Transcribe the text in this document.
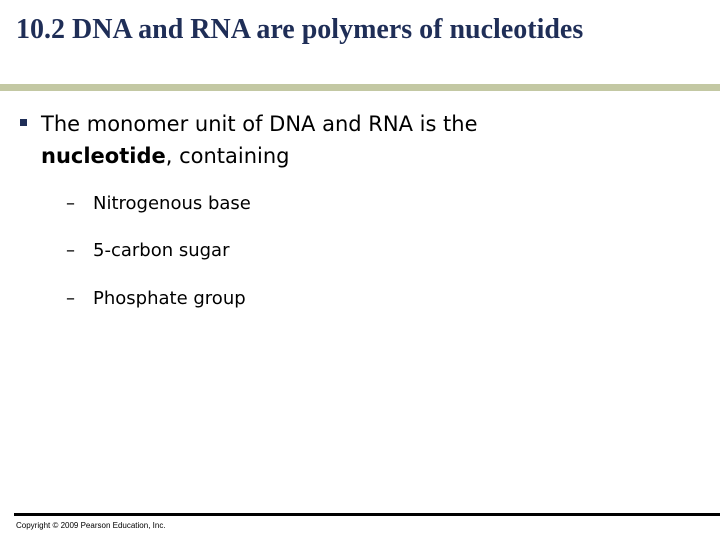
10.2 DNA and RNA are polymers of nucleotides
The monomer unit of DNA and RNA is the
nucleotide, containing
– Nitrogenous base
– 5-carbon sugar
– Phosphate group
Copyright © 2009 Pearson Education, Inc.
